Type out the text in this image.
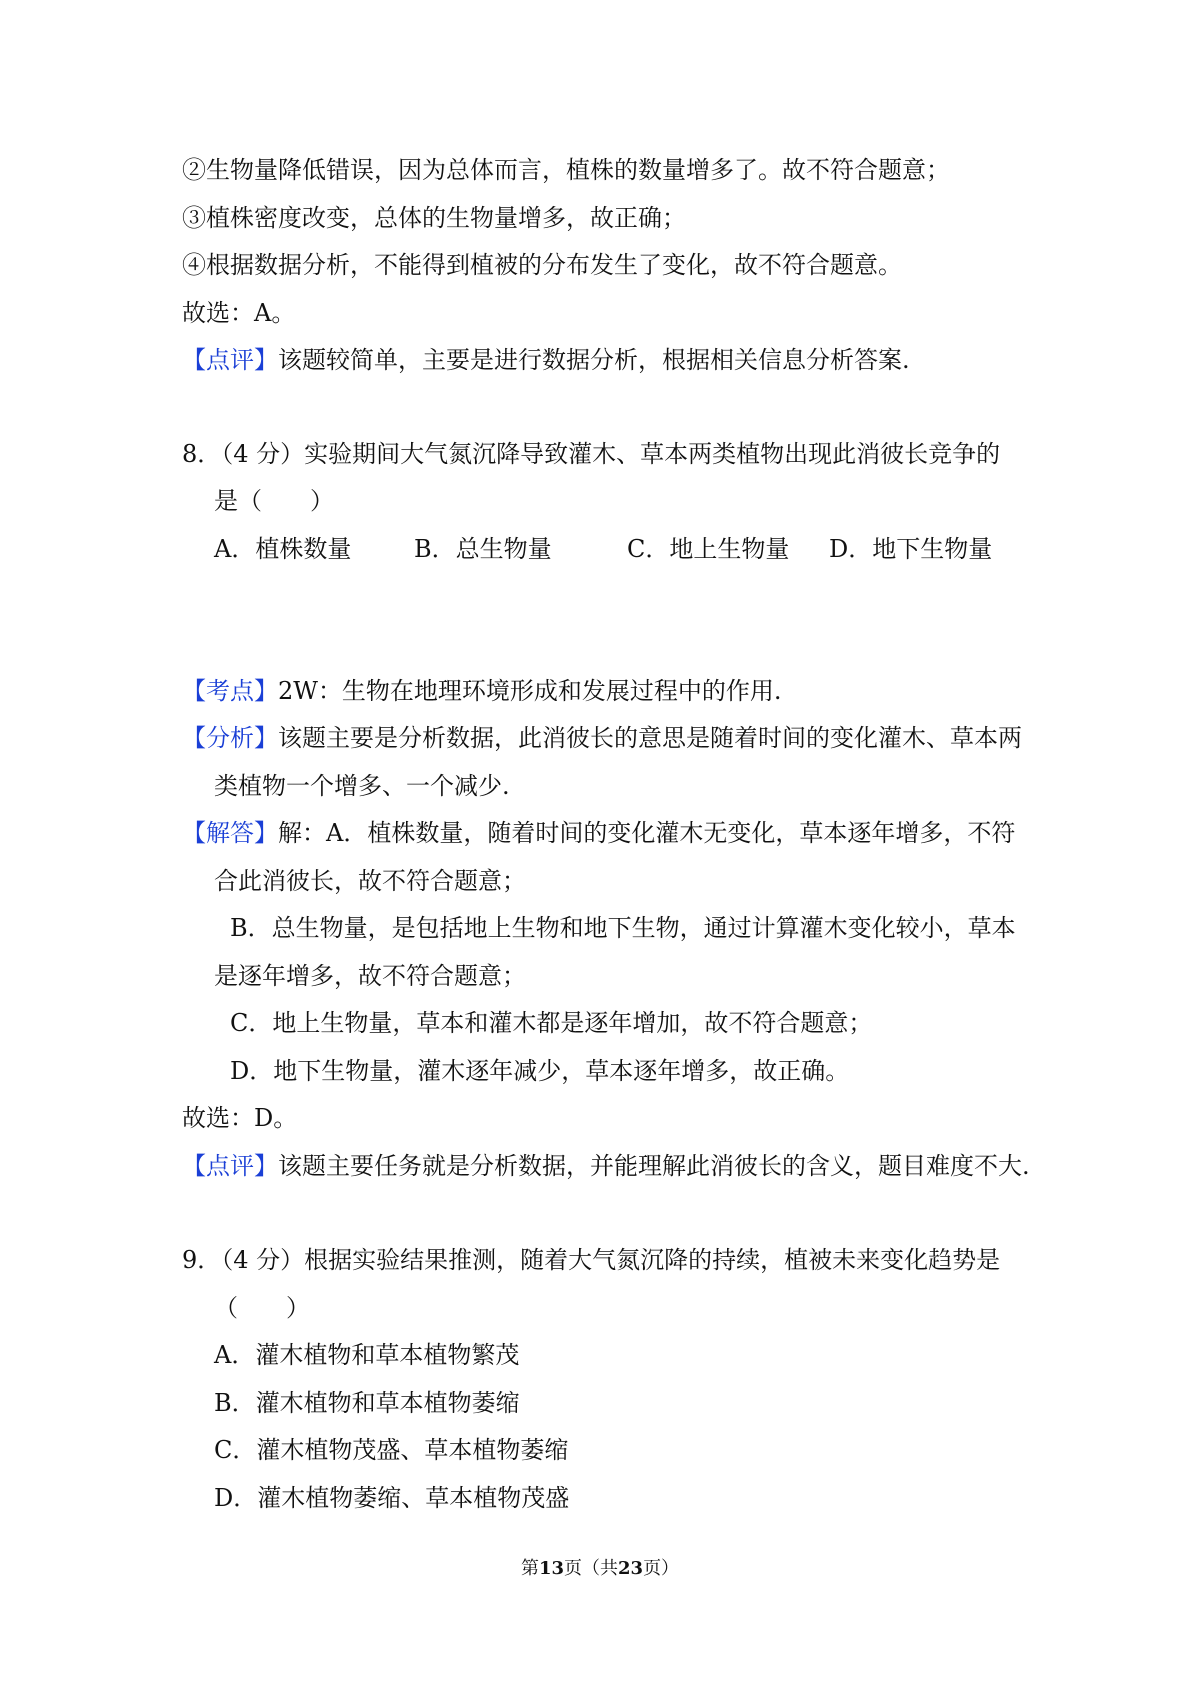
②生物量降低错误，因为总体而言，植株的数量增多了。故不符合题意；
③植株密度改变，总体的生物量增多，故正确；
④根据数据分析，不能得到植被的分布发生了变化，故不符合题意。
故选：A。
【点评】该题较简单，主要是进行数据分析，根据相关信息分析答案.
8．（4 分）实验期间大气氮沉降导致灌木、草本两类植物出现此消彼长竞争的
是（　　）
A．植株数量	B．总生物量	C．地上生物量 D．地下生物量
【考点】2W：生物在地理环境形成和发展过程中的作用.
【分析】该题主要是分析数据，此消彼长的意思是随着时间的变化灌木、草本两
类植物一个增多、一个减少.
【解答】解：A．植株数量，随着时间的变化灌木无变化，草本逐年增多，不符
合此消彼长，故不符合题意；
B．总生物量，是包括地上生物和地下生物，通过计算灌木变化较小，草本
是逐年增多，故不符合题意；
C．地上生物量，草本和灌木都是逐年增加，故不符合题意；
D．地下生物量，灌木逐年减少，草本逐年增多，故正确。
故选：D。
【点评】该题主要任务就是分析数据，并能理解此消彼长的含义，题目难度不大.
9．（4 分）根据实验结果推测，随着大气氮沉降的持续，植被未来变化趋势是
（　　）
A．灌木植物和草本植物繁茂
B．灌木植物和草本植物萎缩
C．灌木植物茂盛、草本植物萎缩
D．灌木植物萎缩、草本植物茂盛
第13页（共23页）
